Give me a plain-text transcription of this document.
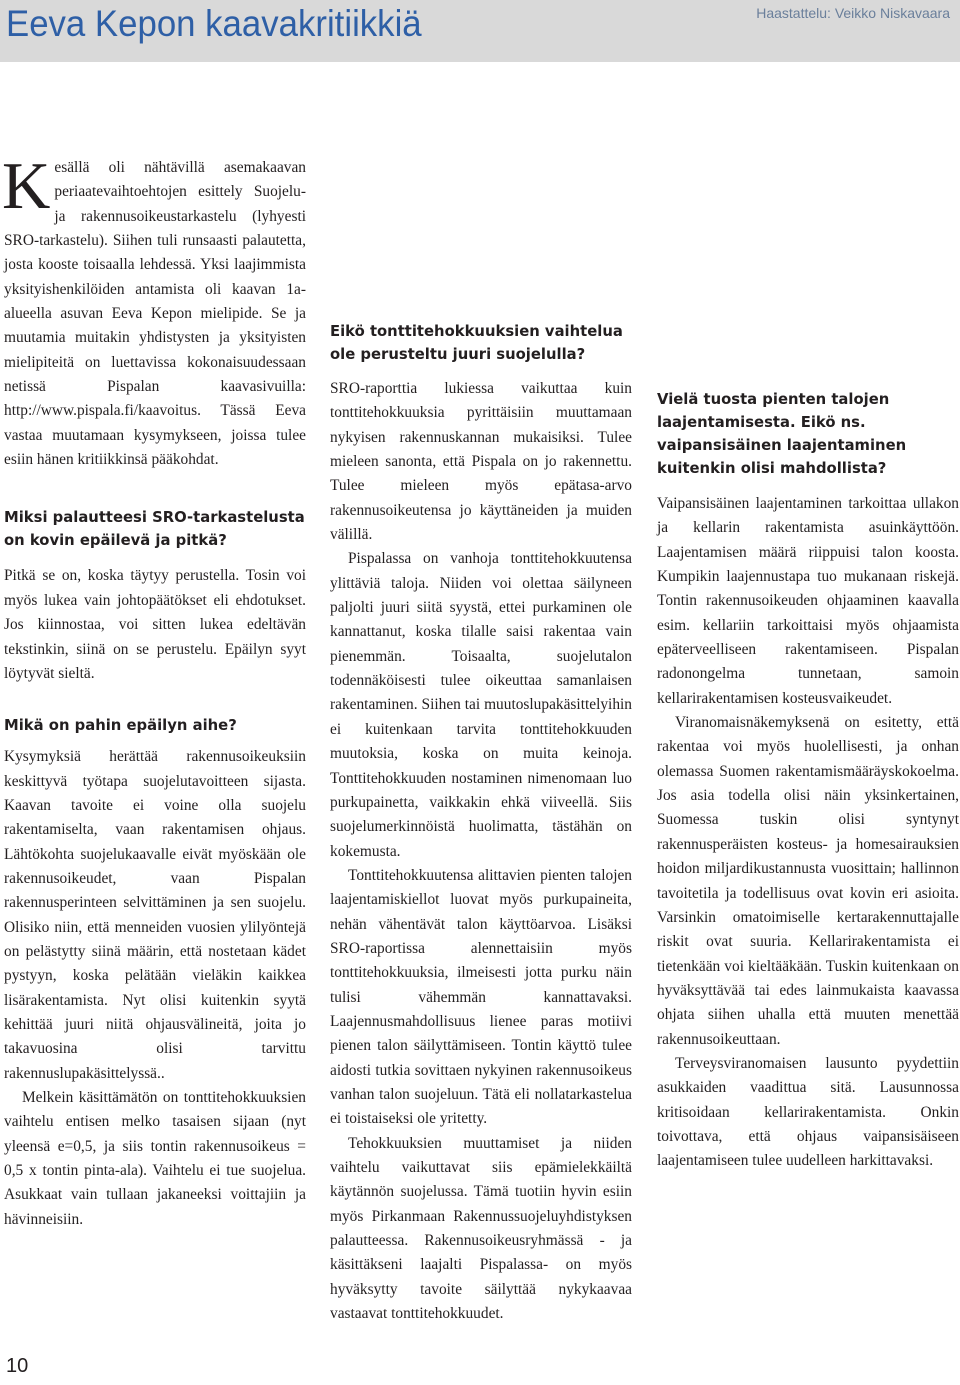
Eeva Kepon kaavakritiikkiä	Haastattelu: Veikko Niskavaara

Kesällä oli nähtävillä asemakaavan periaatevaihtoehtojen esittely Suojelu- ja rakennusoikeustarkastelu (lyhyesti SRO-tarkastelu). Siihen tuli runsaasti palautetta, josta kooste toisaalla lehdessä. Yksi laajimmista yksityishenkilöiden antamista oli kaavan 1a-alueella asuvan Eeva Kepon mielipide. Se ja muutamia muitakin yhdistysten ja yksityisten mielipiteitä on luettavissa kokonaisuudessaan netissä Pispalan kaavasivuilla: http://www.pispala.fi/kaavoitus. Tässä Eeva vastaa muutamaan kysymykseen, joissa tulee esiin hänen kritiikkinsä pääkohdat.

Miksi palautteesi SRO-tarkastelusta on kovin epäilevä ja pitkä?

Pitkä se on, koska täytyy perustella. Tosin voi myös lukea vain johtopäätökset eli ehdotukset. Jos kiinnostaa, voi sitten lukea edeltävän tekstinkin, siinä on se perustelu. Epäilyn syyt löytyvät sieltä.

Mikä on pahin epäilyn aihe?

Kysymyksiä herättää rakennusoikeuksiin keskittyvä työtapa suojelutavoitteen sijasta. Kaavan tavoite ei voine olla suojelu rakentamiselta, vaan rakentamisen ohjaus. Lähtökohta suojelukaavalle eivät myöskään ole rakennusoikeudet, vaan Pispalan rakennusperinteen selvittäminen ja sen suojelu. Olisiko niin, että menneiden vuosien ylilyöntejä on pelästytty siinä määrin, että nostetaan kädet pystyyn, koska pelätään vieläkin kaikkea lisärakentamista. Nyt olisi kuitenkin syytä kehittää juuri niitä ohjausvälineitä, joita jo takavuosina olisi tarvittu rakennuslupakäsittelyssä..

Melkein käsittämätön on tonttitehokkuuksien vaihtelu entisen melko tasaisen sijaan (nyt yleensä e=0,5, ja siis tontin rakennusoikeus = 0,5 x tontin pinta-ala). Vaihtelu ei tue suojelua. Asukkaat vain tullaan jakaneeksi voittajiin ja hävinneisiin.

Eikö tonttitehokkuuksien vaihtelua ole perusteltu juuri suojelulla?

SRO-raporttia lukiessa vaikuttaa kuin tonttitehokkuuksia pyrittäisiin muuttamaan nykyisen rakennuskannan mukaisiksi. Tulee mieleen sanonta, että Pispala on jo rakennettu. Tulee mieleen myös epätasa-arvo rakennusoikeutensa jo käyttäneiden ja muiden välillä.

Pispalassa on vanhoja tonttitehokkuutensa ylittäviä taloja. Niiden voi olettaa säilyneen paljolti juuri siitä syystä, ettei purkaminen ole kannattanut, koska tilalle saisi rakentaa vain pienemmän. Toisaalta, suojelutalon todennäköisesti tulee oikeuttaa samanlaisen rakentaminen. Siihen tai muutoslupakäsittelyihin ei kuitenkaan tarvita tonttitehokkuuden muutoksia, koska on muita keinoja. Tonttitehokkuuden nostaminen nimenomaan luo purkupainetta, vaikkakin ehkä viiveellä. Siis suojelumerkinnöistä huolimatta, tästähän on kokemusta.

Tonttitehokkuutensa alittavien pienten talojen laajentamiskiellot luovat myös purkupaineita, nehän vähentävät talon käyttöarvoa. Lisäksi SRO-raportissa alennettaisiin myös tonttitehokkuuksia, ilmeisesti jotta purku näin tulisi vähemmän kannattavaksi. Laajennusmahdollisuus lienee paras motiivi pienen talon säilyttämiseen. Tontin käyttö tulee aidosti tutkia sovittaen nykyinen rakennusoikeus vanhan talon suojeluun. Tätä eli nollatarkastelua ei toistaiseksi ole yritetty.

Tehokkuuksien muuttamiset ja niiden vaihtelu vaikuttavat siis epämielekkäiltä käytännön suojelussa. Tämä tuotiin hyvin esiin myös Pirkanmaan Rakennussuojeluyhdistyksen palautteessa. Rakennusoikeusryhmässä - ja käsittäkseni laajalti Pispalassa- on myös hyväksytty tavoite säilyttää nykykaavaa vastaavat tonttitehokkuudet.

Vielä tuosta pienten talojen laajentamisesta. Eikö ns. vaipansisäinen laajentaminen kuitenkin olisi mahdollista?

Vaipansisäinen laajentaminen tarkoittaa ullakon ja kellarin rakentamista asuinkäyttöön. Laajentamisen määrä riippuisi talon koosta. Kumpikin laajennustapa tuo mukanaan riskejä. Tontin rakennusoikeuden ohjaaminen kaavalla esim. kellariin tarkoittaisi myös ohjaamista epäterveelliseen rakentamiseen. Pispalan radonongelma tunnetaan, samoin kellarirakentamisen kosteusvaikeudet.

Viranomaisnäkemyksenä on esitetty, että rakentaa voi myös huolellisesti, ja onhan olemassa Suomen rakentamismääräyskokoelma. Jos asia todella olisi näin yksinkertainen, Suomessa tuskin olisi syntynyt rakennusperäisten kosteus- ja homesairauksien hoidon miljardikustannusta vuosittain; hallinnon tavoitetila ja todellisuus ovat kovin eri asioita. Varsinkin omatoimiselle kertarakennuttajalle riskit ovat suuria. Kellarirakentamista ei tietenkään voi kieltääkään. Tuskin kuitenkaan on hyväksyttävää tai edes lainmukaista kaavassa ohjata siihen uhalla että muuten menettää rakennusoikeuttaan.

Terveysviranomaisen lausunto pyydettiin asukkaiden vaadittua sitä. Lausunnossa kritisoidaan kellarirakentamista. Onkin toivottava, että ohjaus vaipansisäiseen laajentamiseen tulee uudelleen harkittavaksi.

10
